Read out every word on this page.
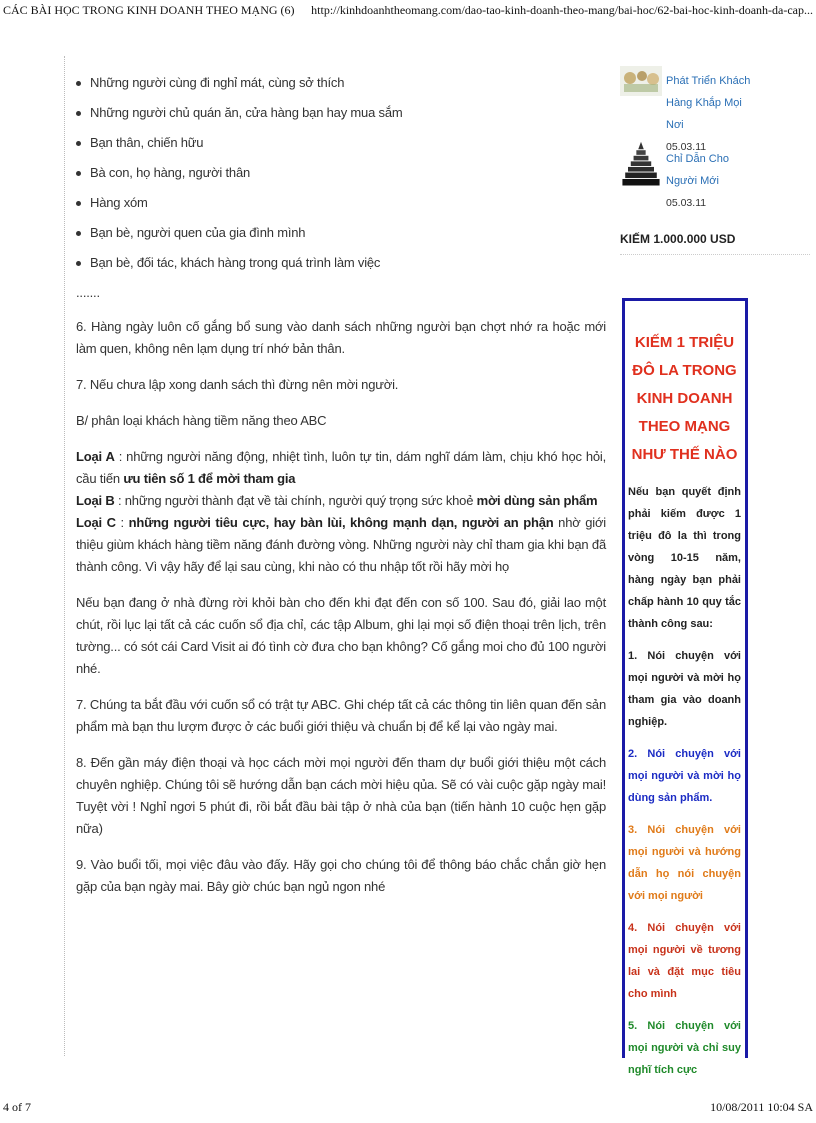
CÁC BÀI HỌC TRONG KINH DOANH THEO MẠNG (6) http://kinhdoanhtheomang.com/dao-tao-kinh-doanh-theo-mang/bai-hoc/62-bai-hoc-kinh-doanh-da-cap...
Những người cùng đi nghỉ mát, cùng sở thích
Những người chủ quán ăn, cửa hàng bạn hay mua sắm
Bạn thân, chiến hữu
Bà con, họ hàng, người thân
Hàng xóm
Bạn bè, người quen của gia đình mình
Bạn bè, đối tác, khách hàng trong quá trình làm việc
.......

6. Hàng ngày luôn cố gắng bổ sung vào danh sách những người bạn chợt nhớ ra hoặc mới làm quen, không nên lạm dụng trí nhớ bản thân.

7. Nếu chưa lập xong danh sách thì đừng nên mời người.

B/ phân loại khách hàng tiềm năng theo ABC

Loại A : những người năng động, nhiệt tình, luôn tự tin, dám nghĩ dám làm, chịu khó học hỏi, cầu tiến ưu tiên số 1 để mời tham gia

Loại B : những người thành đạt về tài chính, người quý trọng sức khoẻ mời dùng sản phẩm

Loại C : những người tiêu cực, hay bàn lùi, không mạnh dạn, người an phận nhờ giới thiệu giùm khách hàng tiềm năng đánh đường vòng. Những người này chỉ tham gia khi bạn đã thành công. Vì vậy hãy để lại sau cùng, khi nào có thu nhập tốt rồi hãy mời họ

Nếu bạn đang ở nhà đừng rời khỏi bàn cho đến khi đạt đến con số 100. Sau đó, giải lao một chút, rồi lục lại tất cả các cuốn sổ địa chỉ, các tập Album, ghi lại mọi số điện thoại trên lịch, trên tường... có sót cái Card Visit ai đó tình cờ đưa cho bạn không? Cố gắng moi cho đủ 100 người nhé.

7. Chúng ta bắt đầu với cuốn sổ có trật tự ABC. Ghi chép tất cả các thông tin liên quan đến sản phẩm mà bạn thu lượm được ở các buổi giới thiệu và chuẩn bị để kể lại vào ngày mai.

8. Đến gần máy điện thoại và học cách mời mọi người đến tham dự buổi giới thiệu một cách chuyên nghiệp. Chúng tôi sẽ hướng dẫn bạn cách mời hiệu qủa. Sẽ có vài cuộc gặp ngày mai! Tuyệt vời ! Nghỉ ngơi 5 phút đi, rồi bắt đầu bài tập ở nhà của bạn (tiến hành 10 cuộc hẹn gặp nữa)

9. Vào buổi tối, mọi việc đâu vào đấy. Hãy gọi cho chúng tôi để thông báo chắc chắn giờ hẹn gặp của bạn ngày mai. Bây giờ chúc bạn ngủ ngon nhé

Phát Triển Khách Hàng Khắp Mọi Nơi
05.03.11
Chỉ Dẫn Cho Người Mới
05.03.11
KIẾM 1.000.000 USD
KIẾM 1 TRIỆU ĐÔ LA TRONG KINH DOANH THEO MẠNG NHƯ THẾ NÀO

Nếu bạn quyết định phải kiếm được 1 triệu đô la thì trong vòng 10-15 năm, hàng ngày bạn phải chấp hành 10 quy tắc thành công sau:

1. Nói chuyện với mọi người và mời họ tham gia vào doanh nghiệp.

2. Nói chuyện với mọi người và mời họ dùng sản phẩm.

3. Nói chuyện với mọi người và hướng dẫn họ nói chuyện với mọi người

4. Nói chuyện với mọi người về tương lai và đặt mục tiêu cho mình

5. Nói chuyện với mọi người và chỉ suy nghĩ tích cực

4 of 7	10/08/2011 10:04 SA
